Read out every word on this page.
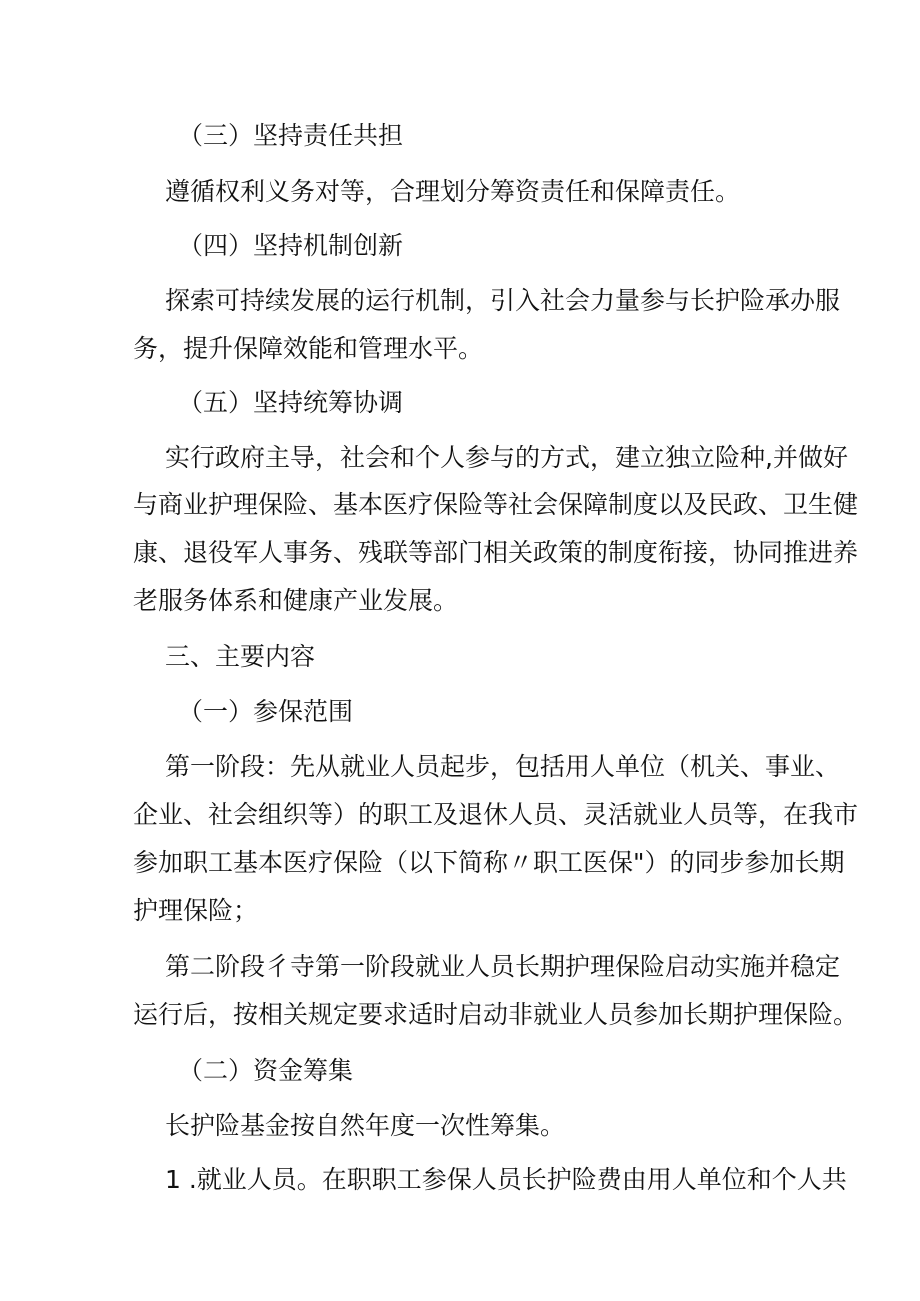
（三）坚持责任共担
遵循权利义务对等，合理划分筹资责任和保障责任。
（四）坚持机制创新
探索可持续发展的运行机制，引入社会力量参与长护险承办服
务，提升保障效能和管理水平。
（五）坚持统筹协调
实行政府主导，社会和个人参与的方式，建立独立险种,并做好
与商业护理保险、基本医疗保险等社会保障制度以及民政、卫生健
康、退役军人事务、残联等部门相关政策的制度衔接，协同推进养
老服务体系和健康产业发展。
三、主要内容
（一）参保范围
第一阶段：先从就业人员起步，包括用人单位（机关、事业、
企业、社会组织等）的职工及退休人员、灵活就业人员等，在我市
参加职工基本医疗保险（以下简称〃职工医保"）的同步参加长期
护理保险；
第二阶段彳寺第一阶段就业人员长期护理保险启动实施并稳定
运行后，按相关规定要求适时启动非就业人员参加长期护理保险。
（二）资金筹集
长护险基金按自然年度一次性筹集。
1 .就业人员。在职职工参保人员长护险费由用人单位和个人共
